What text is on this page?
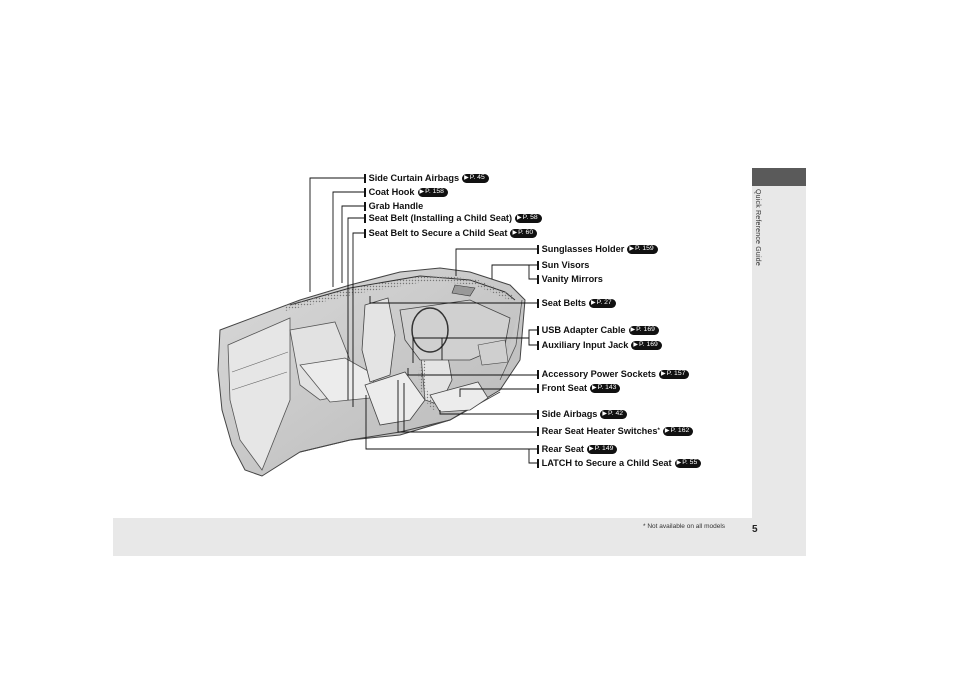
Quick Reference Guide
* Not available on all models	5
Side Curtain Airbags ▶ P. 45
Coat Hook ▶ P. 158
Grab Handle
Seat Belt (Installing a Child Seat) ▶ P. 58
Seat Belt to Secure a Child Seat ▶ P. 60
Sunglasses Holder ▶ P. 159
Sun Visors
Vanity Mirrors
Seat Belts ▶ P. 27
USB Adapter Cable ▶ P. 169
Auxiliary Input Jack ▶ P. 169
Accessory Power Sockets ▶ P. 157
Front Seat ▶ P. 143
Side Airbags ▶ P. 42
Rear Seat Heater Switches * ▶ P. 162
Rear Seat ▶ P. 149
LATCH to Secure a Child Seat ▶ P. 55
